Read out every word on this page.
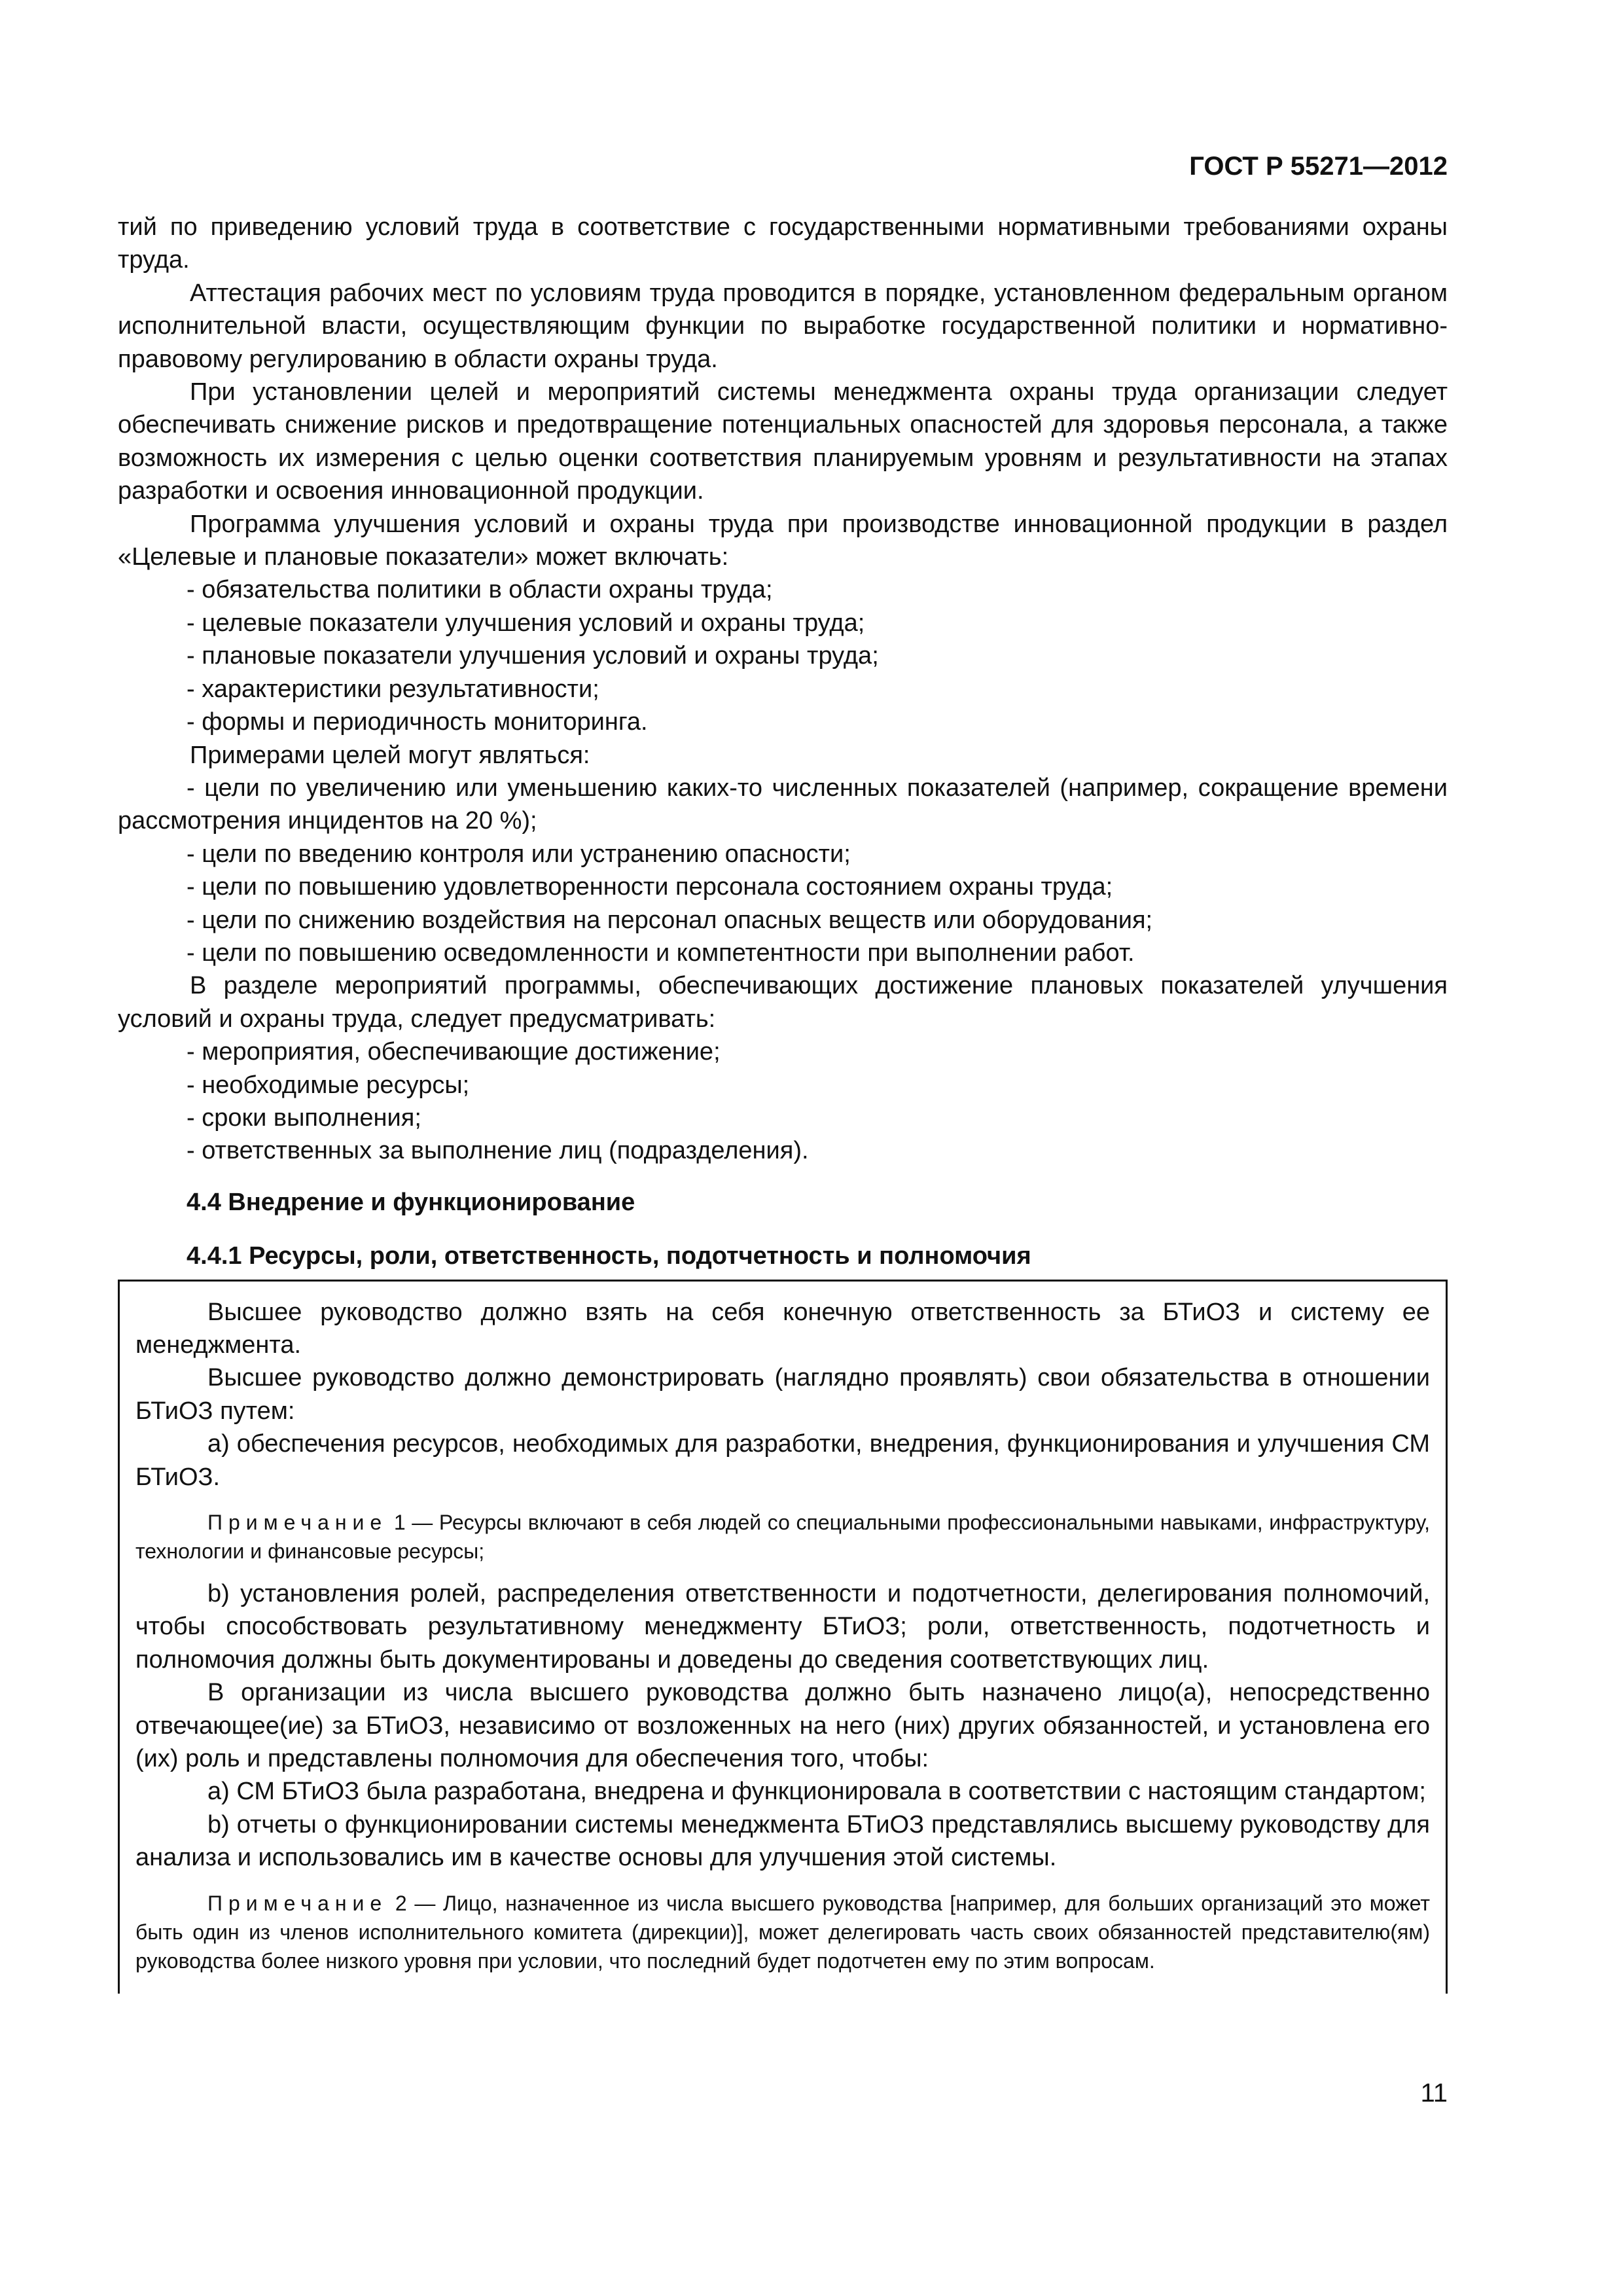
ГОСТ Р 55271—2012

тий по приведению условий труда в соответствие с государственными нормативными требованиями охраны труда.

Аттестация рабочих мест по условиям труда проводится в порядке, установленном федеральным органом исполнительной власти, осуществляющим функции по выработке государственной политики и нормативно-правовому регулированию в области охраны труда.

При установлении целей и мероприятий системы менеджмента охраны труда организации следует обеспечивать снижение рисков и предотвращение потенциальных опасностей для здоровья персонала, а также возможность их измерения с целью оценки соответствия планируемым уровням и результативности на этапах разработки и освоения инновационной продукции.

Программа улучшения условий и охраны труда при производстве инновационной продукции в раздел «Целевые и плановые показатели» может включать:

- обязательства политики в области охраны труда;

- целевые показатели улучшения условий и охраны труда;

- плановые показатели улучшения условий и охраны труда;

- характеристики результативности;

- формы и периодичность мониторинга.

Примерами целей могут являться:

- цели по увеличению или уменьшению каких-то численных показателей (например, сокращение времени рассмотрения инцидентов на 20 %);

- цели по введению контроля или устранению опасности;

- цели по повышению удовлетворенности персонала состоянием охраны труда;

- цели по снижению воздействия на персонал опасных веществ или оборудования;

- цели по повышению осведомленности и компетентности при выполнении работ.

В разделе мероприятий программы, обеспечивающих достижение плановых показателей улучшения условий и охраны труда, следует предусматривать:

- мероприятия, обеспечивающие достижение;

- необходимые ресурсы;

- сроки выполнения;

- ответственных за выполнение лиц (подразделения).

4.4 Внедрение и функционирование
4.4.1 Ресурсы, роли, ответственность, подотчетность и полномочия

Высшее руководство должно взять на себя конечную ответственность за БТиОЗ и систему ее менеджмента.

Высшее руководство должно демонстрировать (наглядно проявлять) свои обязательства в отношении БТиОЗ путем:

a) обеспечения ресурсов, необходимых для разработки, внедрения, функционирования и улучшения СМ БТиОЗ.

Примечание 1 — Ресурсы включают в себя людей со специальными профессиональными навыками, инфраструктуру, технологии и финансовые ресурсы;

b) установления ролей, распределения ответственности и подотчетности, делегирования полномочий, чтобы способствовать результативному менеджменту БТиОЗ; роли, ответственность, подотчетность и полномочия должны быть документированы и доведены до сведения соответствующих лиц.

В организации из числа высшего руководства должно быть назначено лицо(а), непосредственно отвечающее(ие) за БТиОЗ, независимо от возложенных на него (них) других обязанностей, и установлена его (их) роль и представлены полномочия для обеспечения того, чтобы:

a) СМ БТиОЗ была разработана, внедрена и функционировала в соответствии с настоящим стандартом;

b) отчеты о функционировании системы менеджмента БТиОЗ представлялись высшему руководству для анализа и использовались им в качестве основы для улучшения этой системы.

Примечание 2 — Лицо, назначенное из числа высшего руководства [например, для больших организаций это может быть один из членов исполнительного комитета (дирекции)], может делегировать часть своих обязанностей представителю(ям) руководства более низкого уровня при условии, что последний будет подотчетен ему по этим вопросам.

11
